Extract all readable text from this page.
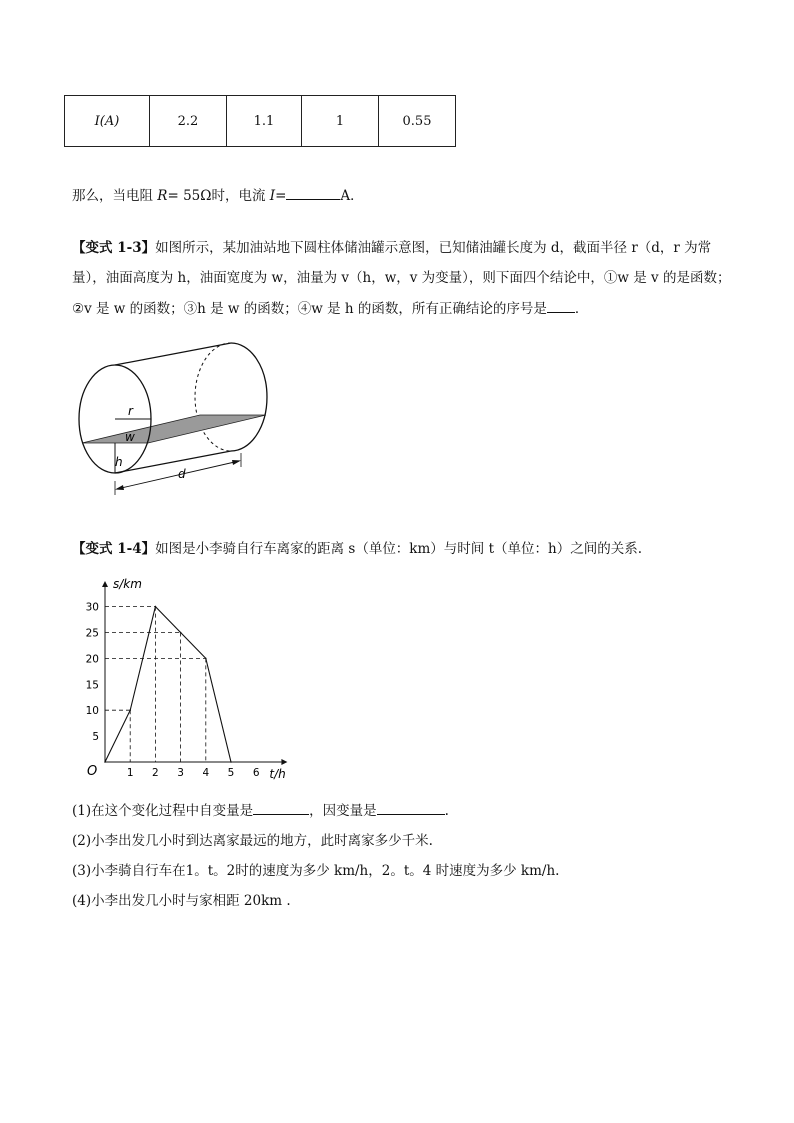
I(A)	2.2	1.1	1	0.55
那么，当电阻 R= 55Ω时，电流 I=	A．
【变式 1-3】如图所示，某加油站地下圆柱体储油罐示意图，已知储油罐长度为 d，截面半径 r（d，r 为常
量），油面高度为 h，油面宽度为 w，油量为 v（h，w，v 为变量），则下面四个结论中，①w 是 v 的是函数；
②v 是 w 的函数；③h 是 w 的函数；④w 是 h 的函数，所有正确结论的序号是 ．
r
w
h
d
【变式 1-4】如图是小李骑自行车离家的距离 s（单位：km）与时间 t（单位：h）之间的关系.
1 2 3 4 5 6
5
10
15
20
25
30
O	t/h
s/km
(1)在这个变化过程中自变量是	，因变量是	.
(2)小李出发几小时到达离家最远的地方，此时离家多少千米.
(3)小李骑自行车在1。t。2时的速度为多少 km/h，2。t。4 时速度为多少 km/h.
(4)小李出发几小时与家相距 20km .
